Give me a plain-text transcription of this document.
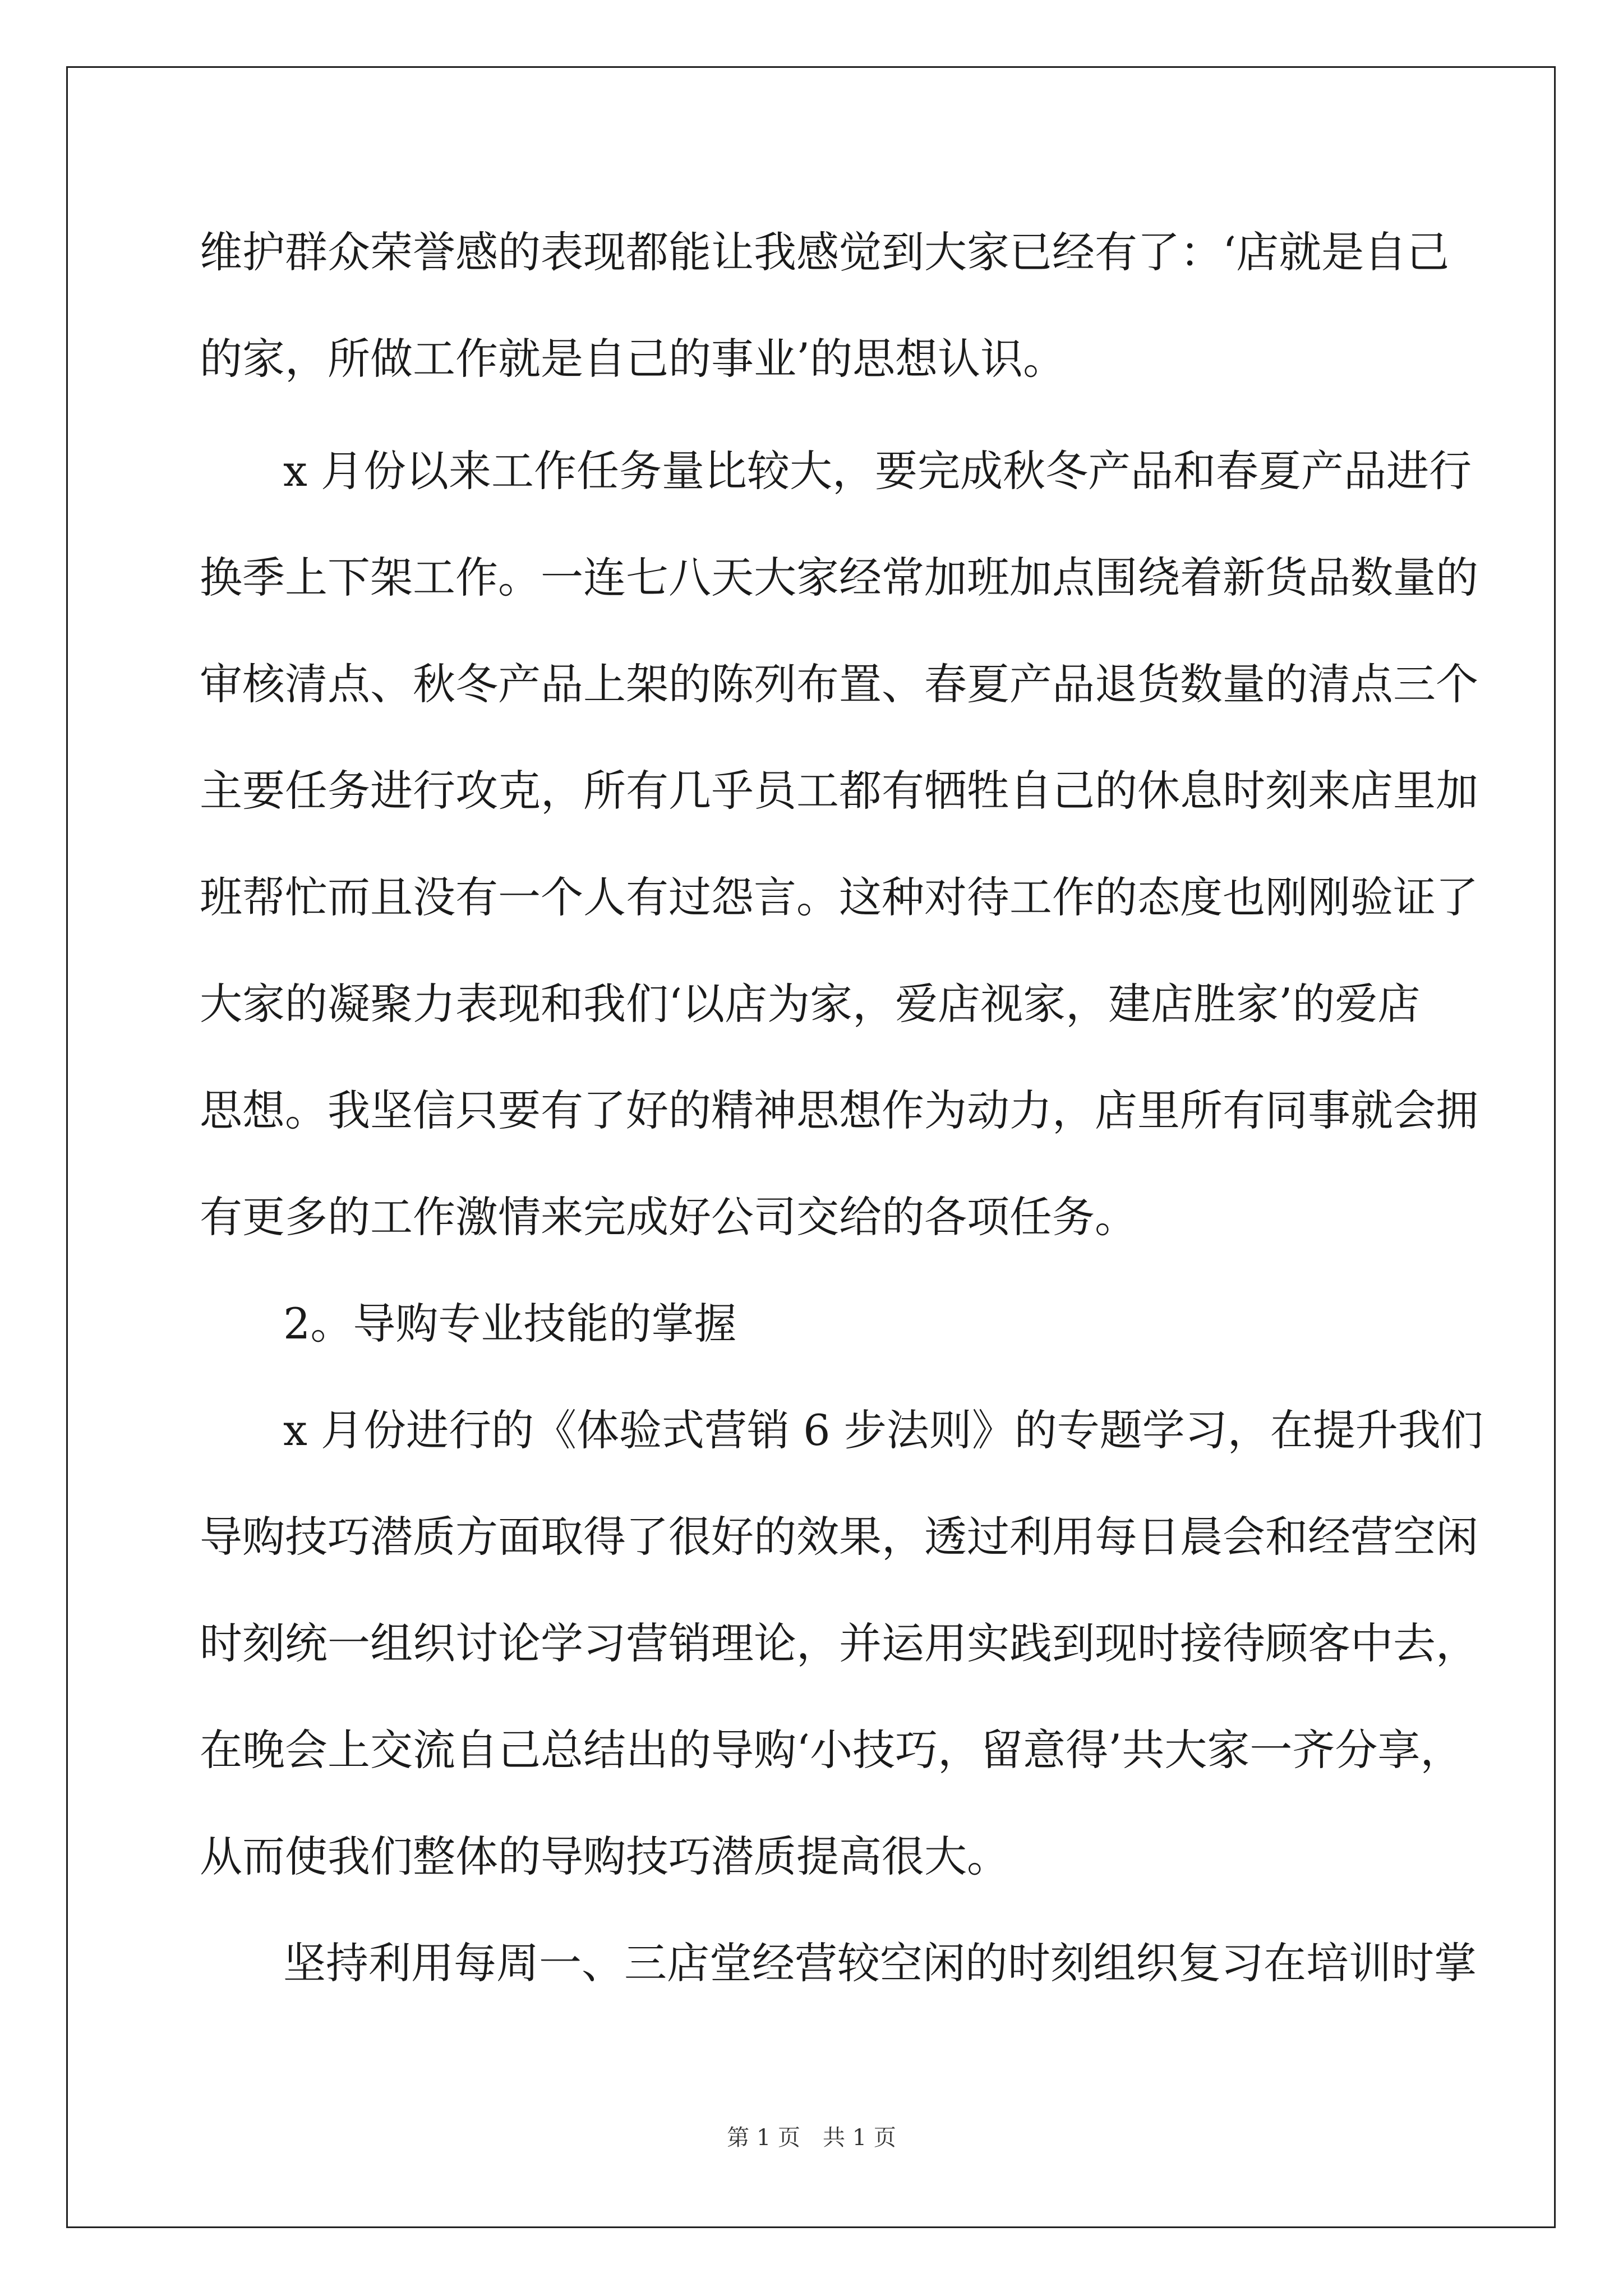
维护群众荣誉感的表现都能让我感觉到大家已经有了：‘店就是自己
的家，所做工作就是自己的事业’的思想认识。
x 月份以来工作任务量比较大，要完成秋冬产品和春夏产品进行
换季上下架工作。一连七八天大家经常加班加点围绕着新货品数量的
审核清点、秋冬产品上架的陈列布置、春夏产品退货数量的清点三个
主要任务进行攻克，所有几乎员工都有牺牲自己的休息时刻来店里加
班帮忙而且没有一个人有过怨言。这种对待工作的态度也刚刚验证了
大家的凝聚力表现和我们‘以店为家，爱店视家，建店胜家’的爱店
思想。我坚信只要有了好的精神思想作为动力，店里所有同事就会拥
有更多的工作激情来完成好公司交给的各项任务。
2。导购专业技能的掌握
x 月份进行的《体验式营销 6 步法则》的专题学习，在提升我们
导购技巧潜质方面取得了很好的效果，透过利用每日晨会和经营空闲
时刻统一组织讨论学习营销理论，并运用实践到现时接待顾客中去，
在晚会上交流自己总结出的导购‘小技巧，留意得’共大家一齐分享，
从而使我们整体的导购技巧潜质提高很大。
坚持利用每周一、三店堂经营较空闲的时刻组织复习在培训时掌
第 1 页　共 1 页
